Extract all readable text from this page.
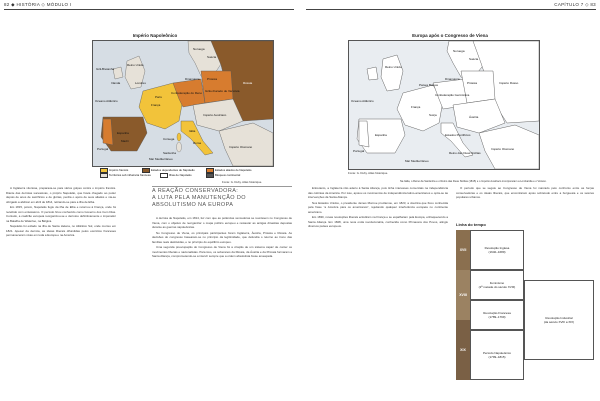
82 ◆ HISTÓRIA ◇ MÓDULO I	CAPÍTULO 7 ◇ 83
Império Napoleônico
Grã-Bretanha
Reino Unido
Irlanda
Noruega
Suécia
Dinamarca
Confederação do Reno
França
Portugal
Espanha
Império Austríaco
Itália
Rússia
Prússia
Grão-Ducado de Varsóvia
Império Otomano
Sardenha
Córsega
Oceano Atlântico
Mar Mediterrâneo
Roma
Paris
Madri
Londres
Império francês	Estados dependentes de Napoleão	Estados aliados de Napoleão
Territórios sob influência francesa	Ilhas de Napoleão	Bloqueio continental
Fonte: G. Duby. Atlas historique.
Europa após o Congresso de Viena
Reino Unido
Noruega
Suécia
Dinamarca
Países Baixos
Confederação Germânica
Prússia
França
Espanha
Portugal
Áustria
Império Russo
Império Otomano
Estados Pontifícios
Reino das Duas Sicílias
Suíça
Oceano Atlântico
Mar Mediterrâneo
Fonte: G. Duby. Atlas historique.
Na Itália, o Reino da Sardenha e o Reino das Duas Sicílias (1815) e o Império Austríaco incorporaram a Lombardia e o Vêneto.

A Inglaterra vitoriosa, preparava-se para vários golpes contra o império francês. Diante das derrotas sucessivas, o próprio Napoleão, que havia chegado ao poder depois de anos de sacrifícios e de glórias, perdia o apoio de seus aliados e via-se obrigado a abdicar em abril de 1814, retirando-se para a ilha de Elba.

Em 1815, porém, Napoleão fugiu da ilha de Elba e retornou à França, onde foi recebido com entusiasmo. O período ficou conhecido como Governo dos Cem Dias. Contudo, a coalizão europeia reorganizou-se e derrotou definitivamente o imperador na Batalha de Waterloo, na Bélgica.

Napoleão foi exilado na ilha de Santa Helena, no Atlântico Sul, onde morreu em 1821. Apesar da derrota, as ideias liberais difundidas pelos exércitos franceses permaneceram vivas em toda a Europa e na América.

A REAÇÃO CONSERVADORA:
A LUTA PELA MANUTENÇÃO DO
ABSOLUTISMO NA EUROPA

A derrota de Napoleão, em 1814, fez com que as potências vencedoras se reunissem no Congresso de Viena, com o objetivo de reorganizar o mapa político europeu e restaurar as antigas dinastias depostas durante as guerras napoleônicas.

No Congresso de Viena, os principais participantes foram Inglaterra, Áustria, Prússia e Rússia. As decisões do congresso basearam-se no princípio da legitimidade, que defendia o retorno ao trono das famílias reais destituídas, e no princípio do equilíbrio europeu.

Uma segunda preocupação do Congresso de Viena foi a criação de um sistema capaz de conter os movimentos liberais e nacionalistas. Para isso, os soberanos da Rússia, da Áustria e da Prússia formaram a Santa Aliança, comprometendo-se a intervir sempre que a ordem absolutista fosse ameaçada.

Entretanto, a Inglaterra não aderiu à Santa Aliança, pois tinha interesses comerciais na independência das colônias da América. Por isso, apoiou os movimentos de independência latino-americanos e opôs-se às intervenções da Santa Aliança.

Nos Estados Unidos, o presidente James Monroe proclamou, em 1823, a doutrina que ficou conhecida pela frase “a América para os americanos”, rejeitando qualquer interferência europeia no continente americano.

Em 1830, novas revoluções liberais eclodiram na França e se espalharam pela Europa, enfraquecendo a Santa Aliança. Em 1848, uma nova onda revolucionária, conhecida como Primavera dos Povos, atingiu diversos países europeus.

O período que se seguiu ao Congresso de Viena foi marcado pelo confronto entre as forças conservadoras e os ideais liberais, que encontraram apoio sobretudo entre a burguesia e os setores populares urbanos.

Linha do tempo
XVII
XVIII
XIX
Revolução Inglesa
(1640–1689)
Iluminismo
(2ª metade do século XVIII)
Revolução Francesa
(1789–1799)	Revolução Industrial
(da século XVIII a XIX)
Período Napoleônico
(1799–1815)
